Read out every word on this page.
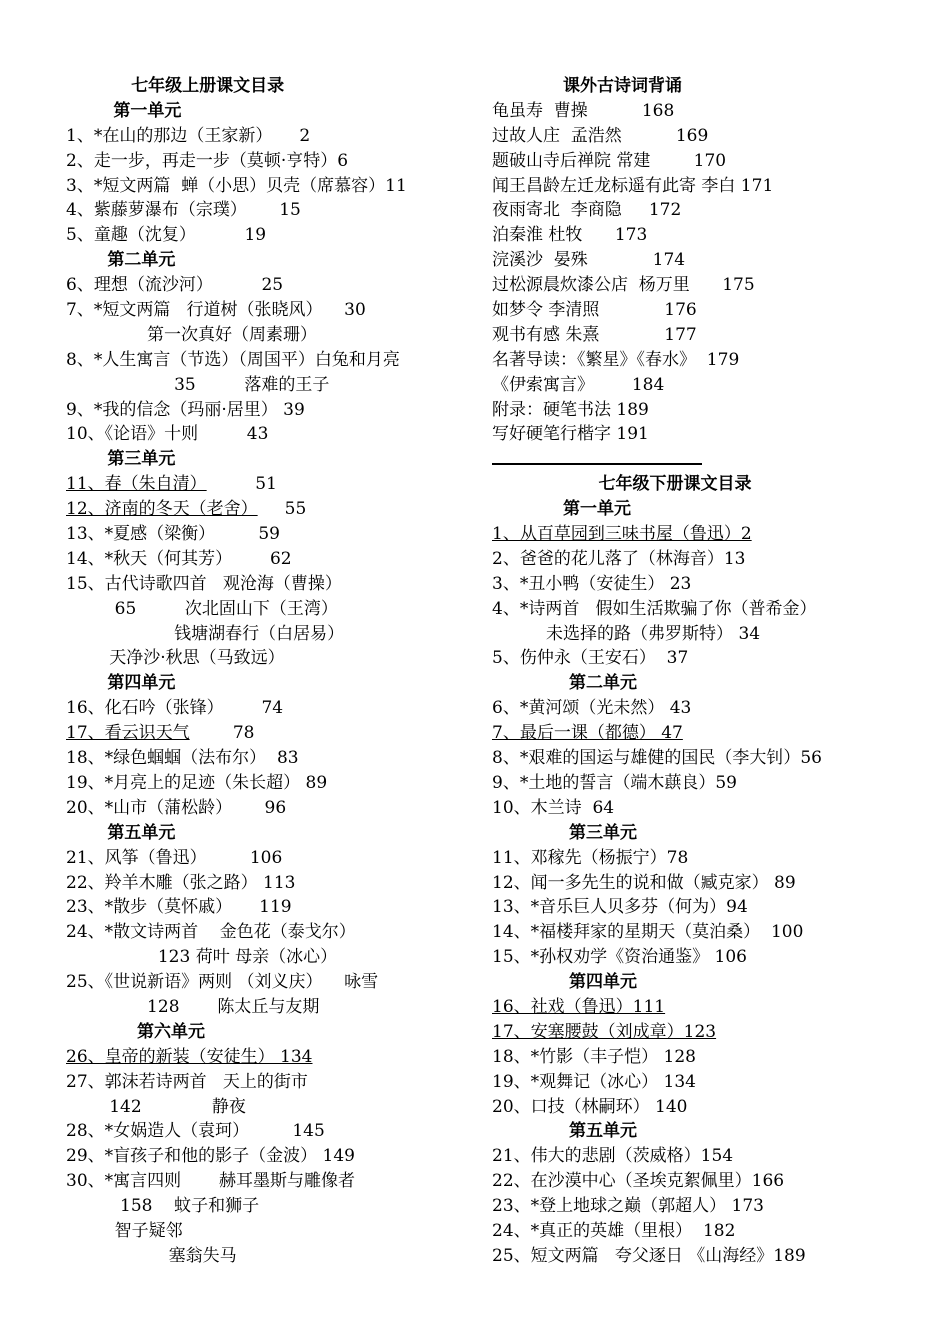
七年级上册课文目录
第一单元
1、*在山的那边（王家新）     2
2、走一步，再走一步（莫顿·亨特）6
3、*短文两篇  蝉（小思）贝壳（席慕容）11
4、紫藤萝瀑布（宗璞）      15
5、童趣（沈复）         19
第二单元
6、理想（流沙河）         25
7、*短文两篇   行道树（张晓风）    30
第一次真好（周素珊）
8、*人生寓言（节选）（周国平）白兔和月亮
35         落难的王子
9、*我的信念（玛丽·居里） 39
10、《论语》十则         43
第三单元
11、春（朱自清）         51
12、济南的冬天（老舍）     55
13、*夏感（梁衡）        59
14、*秋天（何其芳）       62
15、古代诗歌四首   观沧海（曹操）
65         次北固山下（王湾）
钱塘湖春行（白居易）
天净沙·秋思（马致远）
第四单元
16、化石吟（张锋）       74
17、看云识天气        78
18、*绿色蝈蝈（法布尔）  83
19、*月亮上的足迹（朱长超） 89
20、*山市（蒲松龄）      96
第五单元
21、风筝（鲁迅）        106
22、羚羊木雕（张之路） 113
23、*散步（莫怀戚）     119
24、*散文诗两首    金色花（泰戈尔）
123 荷叶 母亲（冰心）
25、《世说新语》两则 （刘义庆）    咏雪
128       陈太丘与友期
第六单元
26、皇帝的新装（安徒生） 134
27、郭沫若诗两首   天上的街市
142             静夜
28、*女娲造人（袁珂）        145
29、*盲孩子和他的影子（金波） 149
30、*寓言四则       赫耳墨斯与雕像者
158    蚊子和狮子
智子疑邻
塞翁失马
课外古诗词背诵
龟虽寿  曹操          168
过故人庄  孟浩然          169
题破山寺后禅院 常建        170
闻王昌龄左迁龙标遥有此寄 李白 171
夜雨寄北  李商隐     172
泊秦淮 杜牧      173
浣溪沙  晏殊            174
过松源晨炊漆公店  杨万里      175
如梦令 李清照            176
观书有感 朱熹            177
名著导读：《繁星》《春水》  179
《伊索寓言》       184
附录：硬笔书法 189
写好硬笔行楷字 191
七年级下册课文目录
第一单元
1、从百草园到三味书屋（鲁迅）2
2、爸爸的花儿落了（林海音）13
3、*丑小鸭（安徒生） 23
4、*诗两首   假如生活欺骗了你（普希金）
未选择的路（弗罗斯特） 34
5、伤仲永（王安石）  37
第二单元
6、*黄河颂（光未然） 43
7、最后一课（都德） 47
8、*艰难的国运与雄健的国民（李大钊）56
9、*土地的誓言（端木蕻良）59
10、木兰诗  64
第三单元
11、邓稼先（杨振宁）78
12、闻一多先生的说和做（臧克家） 89
13、*音乐巨人贝多芬（何为）94
14、*福楼拜家的星期天（莫泊桑）  100
15、*孙权劝学《资治通鉴》 106
第四单元
16、社戏（鲁迅）111
17、安塞腰鼓（刘成章）123
18、*竹影（丰子恺） 128
19、*观舞记（冰心） 134
20、口技（林嗣环） 140
第五单元
21、伟大的悲剧（茨威格）154
22、在沙漠中心（圣埃克絮佩里）166
23、*登上地球之巅（郭超人） 173
24、*真正的英雄（里根）  182
25、短文两篇   夸父逐日 《山海经》189
